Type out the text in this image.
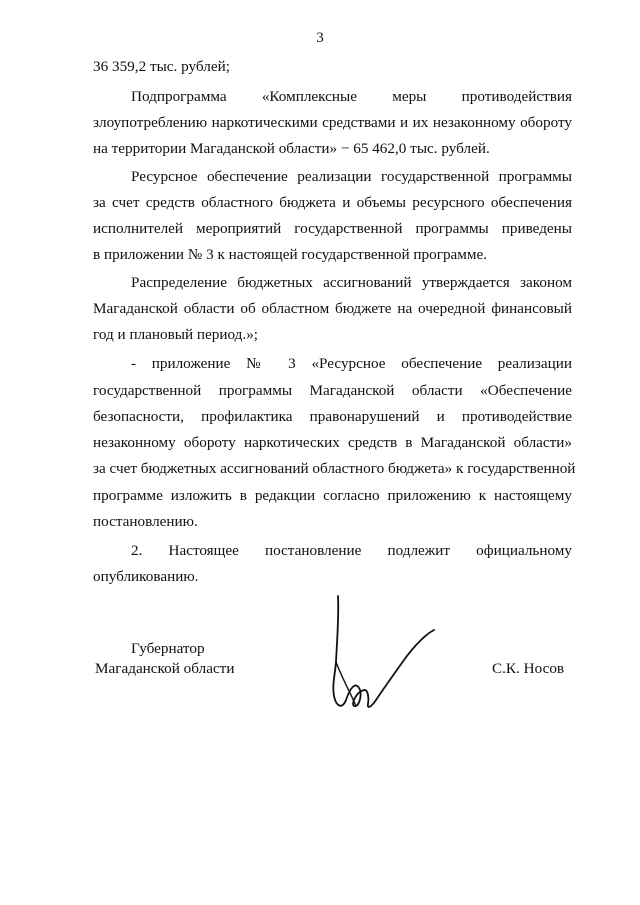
3
36 359,2 тыс. рублей;
Подпрограмма «Комплексные меры противодействия
злоупотреблению наркотическими средствами и их незаконному обороту
на территории Магаданской области» − 65 462,0 тыс. рублей.
Ресурсное обеспечение реализации государственной программы
за счет средств областного бюджета и объемы ресурсного обеспечения
исполнителей мероприятий государственной программы приведены
в приложении № 3 к настоящей государственной программе.
Распределение бюджетных ассигнований утверждается законом
Магаданской области об областном бюджете на очередной финансовый
год и плановый период.»;
- приложение № 3 «Ресурсное обеспечение реализации
государственной программы Магаданской области «Обеспечение
безопасности, профилактика правонарушений и противодействие
незаконному обороту наркотических средств в Магаданской области»
за счет бюджетных ассигнований областного бюджета» к государственной
программе изложить в редакции согласно приложению к настоящему
постановлению.
2. Настоящее постановление подлежит официальному
опубликованию.
Губернатор
Магаданской области	С.К. Носов
